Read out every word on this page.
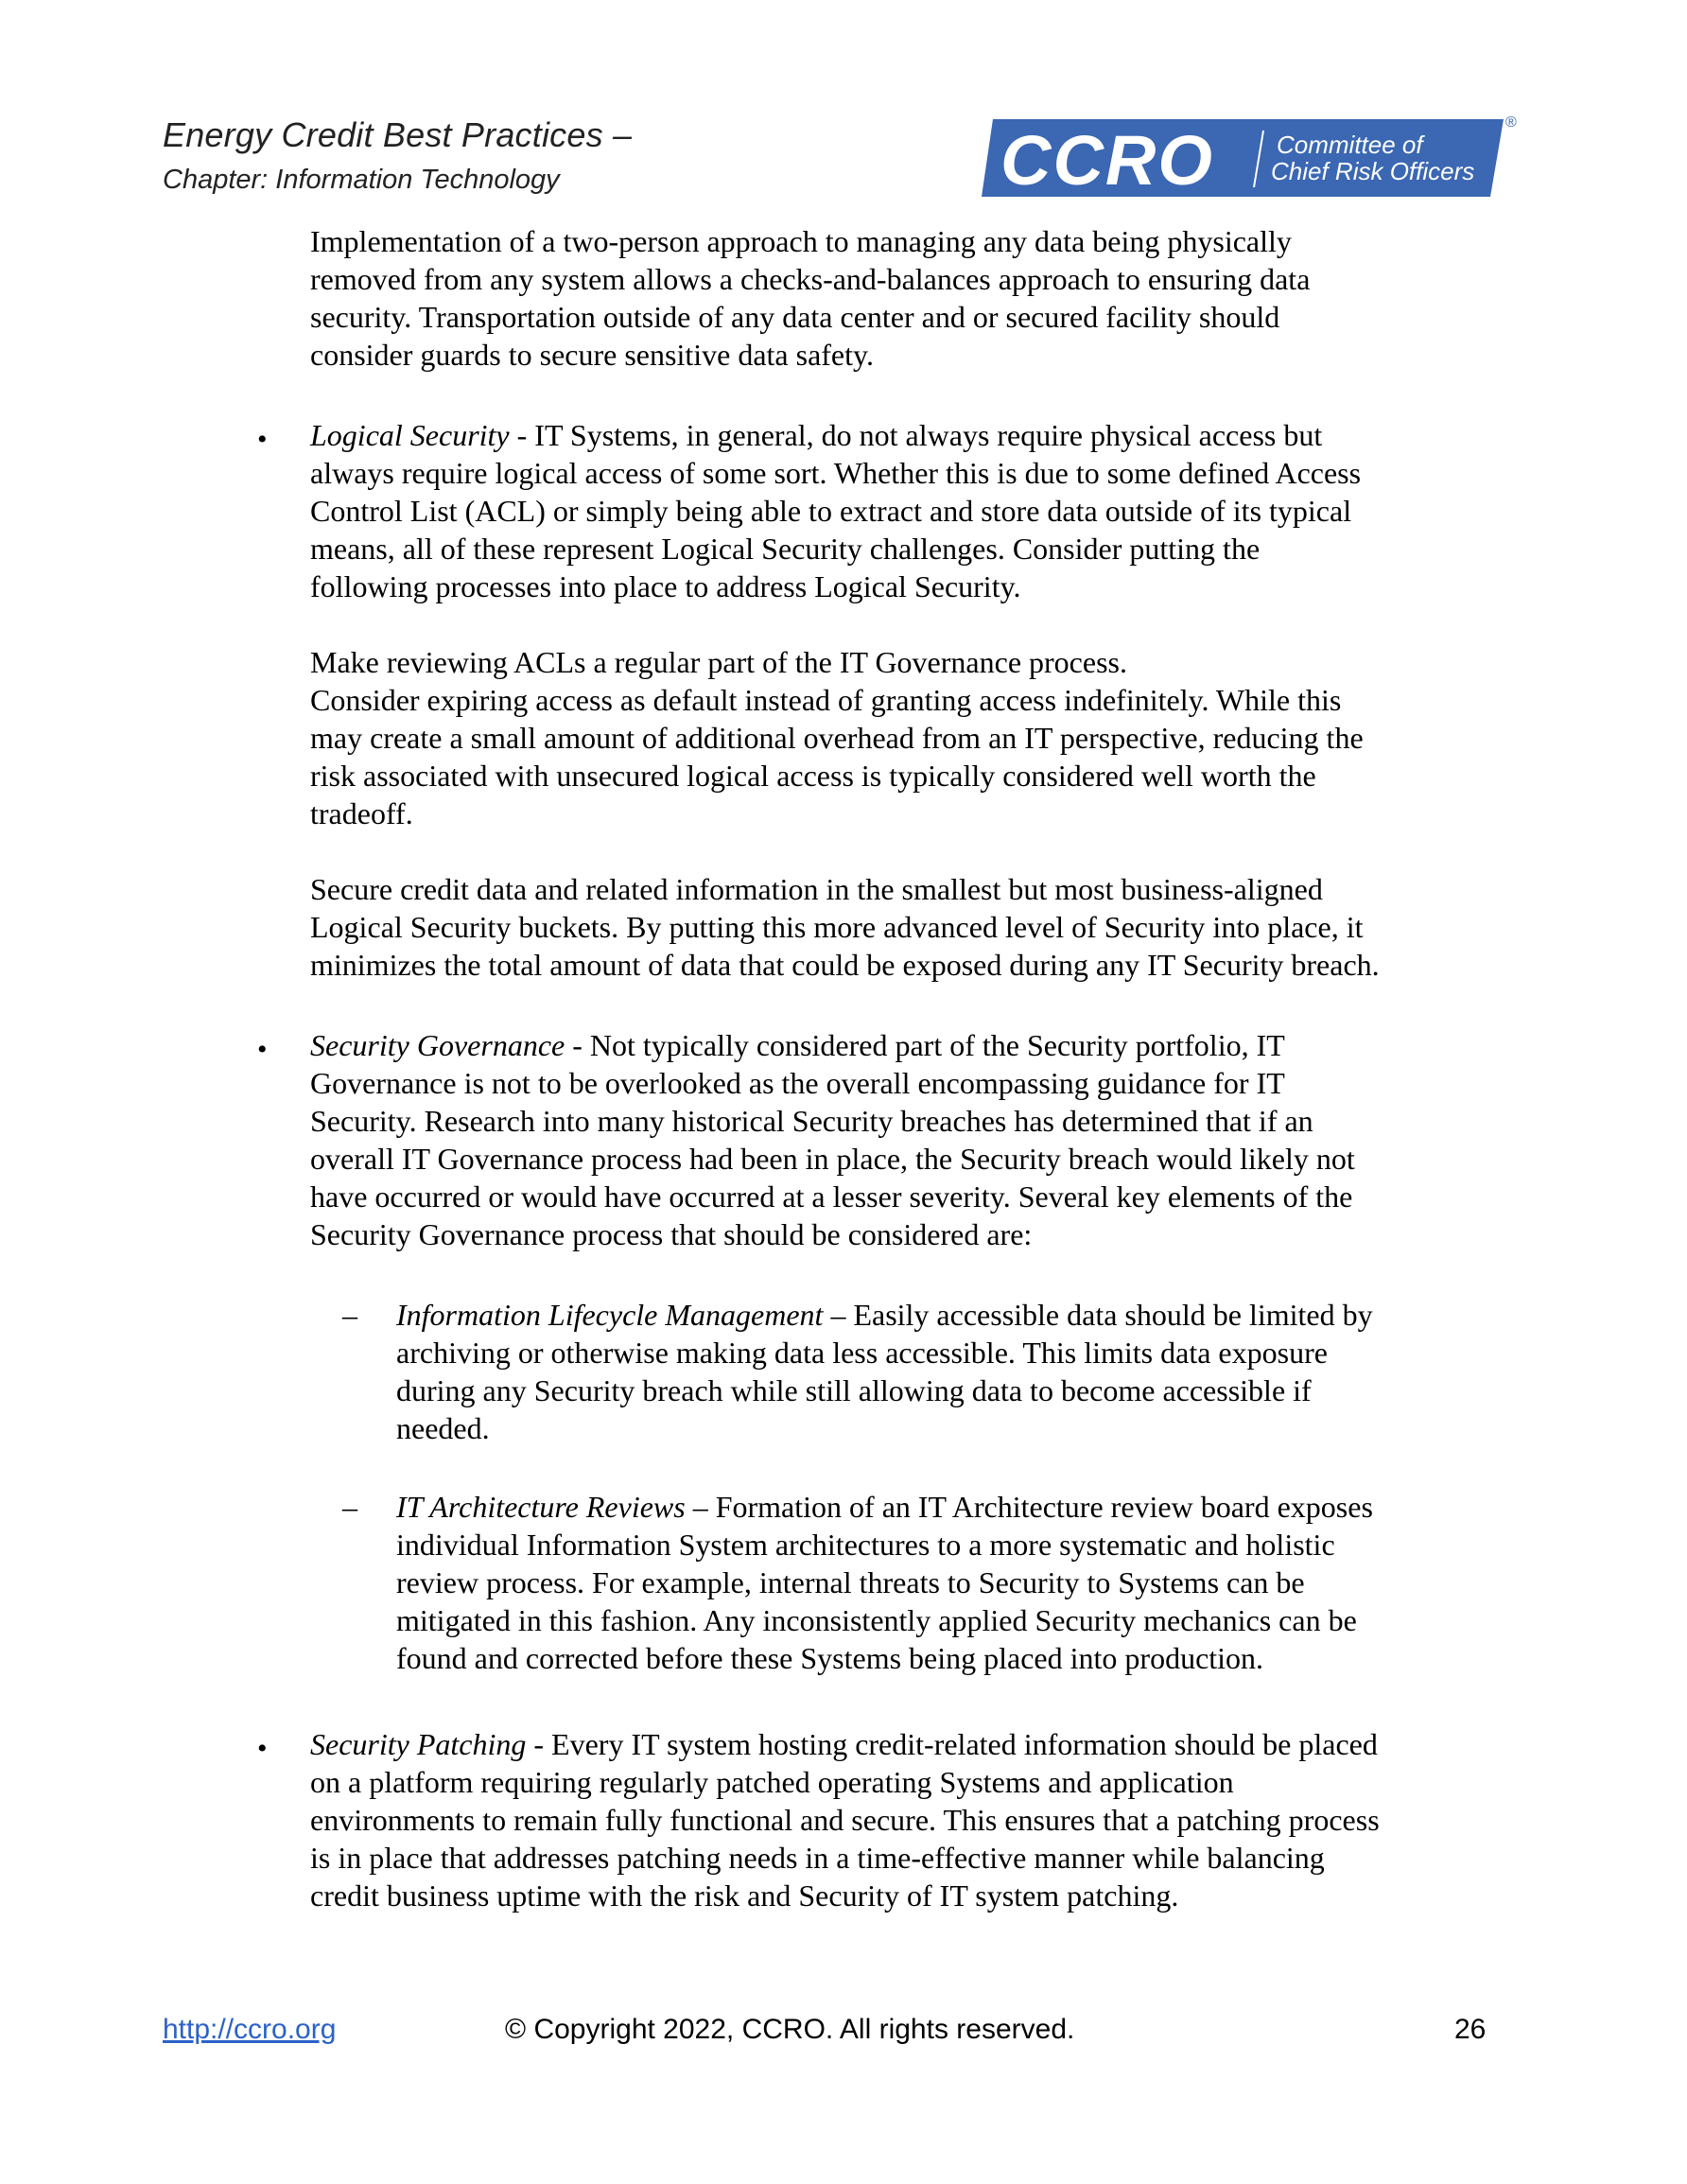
Energy Credit Best Practices –
Chapter: Information Technology	CCRO	Committee of
Chief Risk Officers
®

Implementation of a two-person approach to managing any data being physically
removed from any system allows a checks-and-balances approach to ensuring data
security. Transportation outside of any data center and or secured facility should
consider guards to secure sensitive data safety.

• Logical Security - IT Systems, in general, do not always require physical access but
always require logical access of some sort. Whether this is due to some defined Access
Control List (ACL) or simply being able to extract and store data outside of its typical
means, all of these represent Logical Security challenges. Consider putting the
following processes into place to address Logical Security.

Make reviewing ACLs a regular part of the IT Governance process.
Consider expiring access as default instead of granting access indefinitely. While this
may create a small amount of additional overhead from an IT perspective, reducing the
risk associated with unsecured logical access is typically considered well worth the
tradeoff.

Secure credit data and related information in the smallest but most business-aligned
Logical Security buckets. By putting this more advanced level of Security into place, it
minimizes the total amount of data that could be exposed during any IT Security breach.

• Security Governance - Not typically considered part of the Security portfolio, IT
Governance is not to be overlooked as the overall encompassing guidance for IT
Security. Research into many historical Security breaches has determined that if an
overall IT Governance process had been in place, the Security breach would likely not
have occurred or would have occurred at a lesser severity. Several key elements of the
Security Governance process that should be considered are:

– Information Lifecycle Management – Easily accessible data should be limited by
archiving or otherwise making data less accessible. This limits data exposure
during any Security breach while still allowing data to become accessible if
needed.

– IT Architecture Reviews – Formation of an IT Architecture review board exposes
individual Information System architectures to a more systematic and holistic
review process. For example, internal threats to Security to Systems can be
mitigated in this fashion. Any inconsistently applied Security mechanics can be
found and corrected before these Systems being placed into production.

• Security Patching - Every IT system hosting credit-related information should be placed
on a platform requiring regularly patched operating Systems and application
environments to remain fully functional and secure. This ensures that a patching process
is in place that addresses patching needs in a time-effective manner while balancing
credit business uptime with the risk and Security of IT system patching.

http://ccro.org	© Copyright 2022, CCRO. All rights reserved.	26
